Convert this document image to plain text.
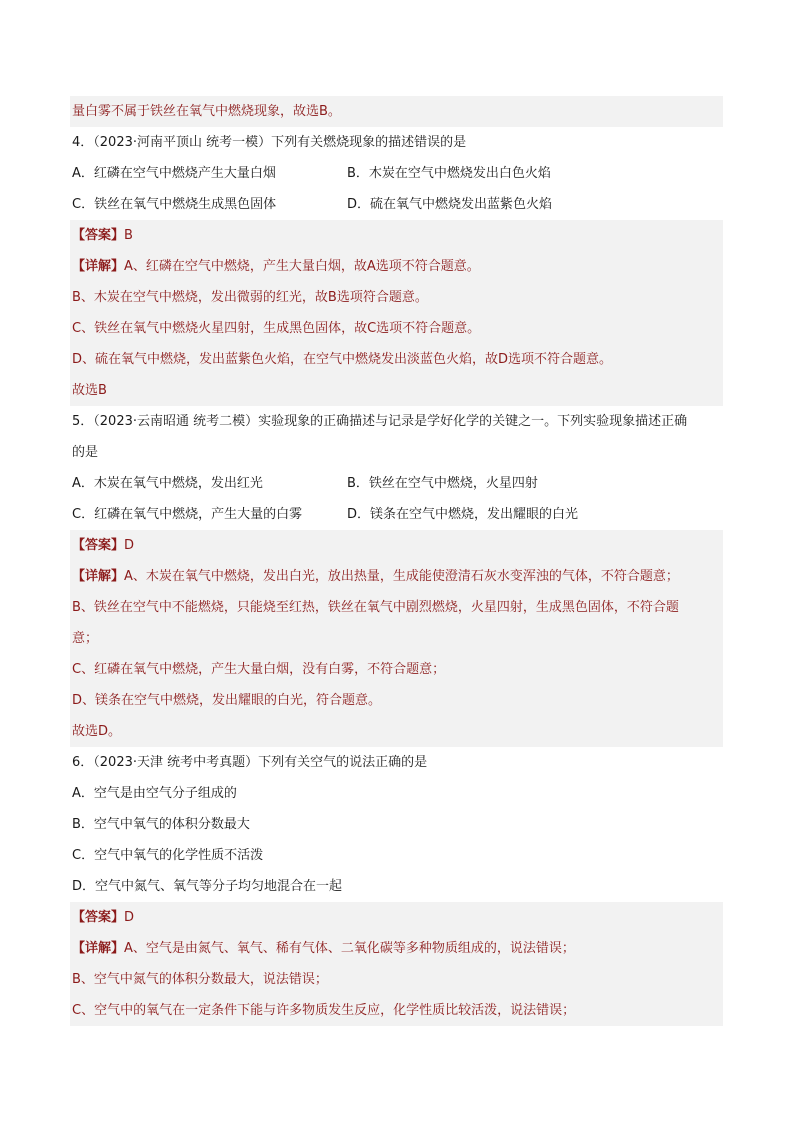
量白雾不属于铁丝在氧气中燃烧现象，故选B。
4．（2023·河南平顶山 统考一模）下列有关燃烧现象的描述错误的是
A．红磷在空气中燃烧产生大量白烟	B．木炭在空气中燃烧发出白色火焰
C．铁丝在氧气中燃烧生成黑色固体	D．硫在氧气中燃烧发出蓝紫色火焰
【答案】B
【详解】A、红磷在空气中燃烧，产生大量白烟，故A选项不符合题意。
B、木炭在空气中燃烧，发出微弱的红光，故B选项符合题意。
C、铁丝在氧气中燃烧火星四射，生成黑色固体，故C选项不符合题意。
D、硫在氧气中燃烧，发出蓝紫色火焰，在空气中燃烧发出淡蓝色火焰，故D选项不符合题意。
故选B
5．（2023·云南昭通 统考二模）实验现象的正确描述与记录是学好化学的关键之一。下列实验现象描述正确
的是
A．木炭在氧气中燃烧，发出红光	B．铁丝在空气中燃烧，火星四射
C．红磷在氧气中燃烧，产生大量的白雾	D．镁条在空气中燃烧，发出耀眼的白光
【答案】D
【详解】A、木炭在氧气中燃烧，发出白光，放出热量，生成能使澄清石灰水变浑浊的气体，不符合题意；
B、铁丝在空气中不能燃烧，只能烧至红热，铁丝在氧气中剧烈燃烧，火星四射，生成黑色固体，不符合题
意；
C、红磷在氧气中燃烧，产生大量白烟，没有白雾，不符合题意；
D、镁条在空气中燃烧，发出耀眼的白光，符合题意。
故选D。
6．（2023·天津 统考中考真题）下列有关空气的说法正确的是
A．空气是由空气分子组成的
B．空气中氧气的体积分数最大
C．空气中氧气的化学性质不活泼
D．空气中氮气、氧气等分子均匀地混合在一起
【答案】D
【详解】A、空气是由氮气、氧气、稀有气体、二氧化碳等多种物质组成的，说法错误；
B、空气中氮气的体积分数最大，说法错误；
C、空气中的氧气在一定条件下能与许多物质发生反应，化学性质比较活泼，说法错误；
